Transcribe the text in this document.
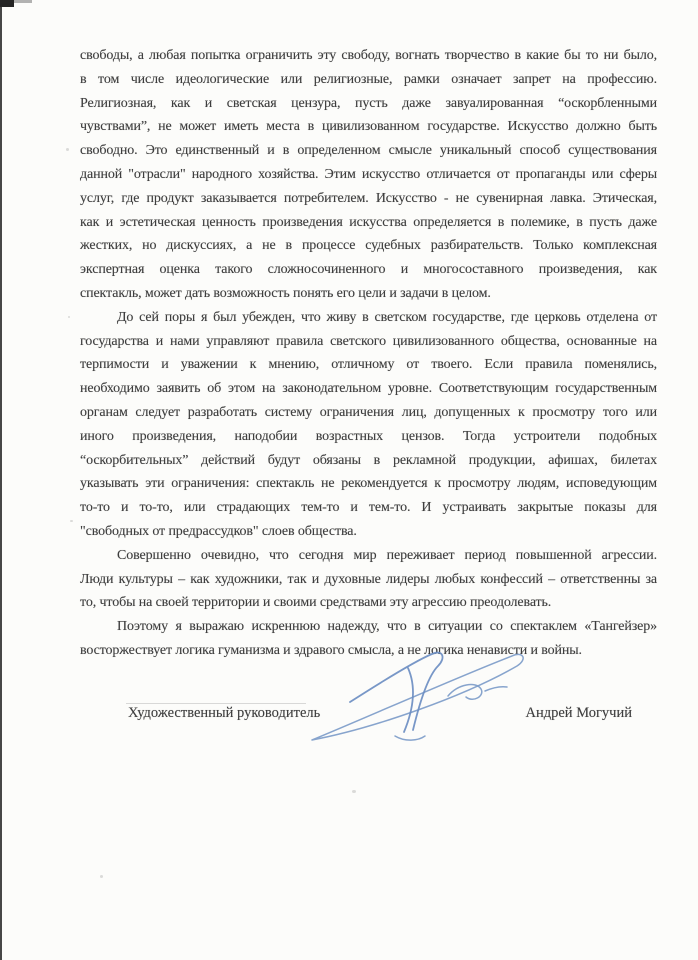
свободы, а любая попытка ограничить эту свободу, вогнать творчество в какие бы то ни было,
в том числе идеологические или религиозные, рамки означает запрет на профессию.
Религиозная, как и светская цензура, пусть даже завуалированная “оскорбленными
чувствами”, не может иметь места в цивилизованном государстве. Искусство должно быть
свободно. Это единственный и в определенном смысле уникальный способ существования
данной "отрасли" народного хозяйства. Этим искусство отличается от пропаганды или сферы
услуг, где продукт заказывается потребителем. Искусство - не сувенирная лавка. Этическая,
как и эстетическая ценность произведения искусства определяется в полемике, в пусть даже
жестких, но дискуссиях, а не в процессе судебных разбирательств. Только комплексная
экспертная оценка такого сложносочиненного и многосоставного произведения, как
спектакль, может дать возможность понять его цели и задачи в целом.
До сей поры я был убежден, что живу в светском государстве, где церковь отделена от
государства и нами управляют правила светского цивилизованного общества, основанные на
терпимости и уважении к мнению, отличному от твоего. Если правила поменялись,
необходимо заявить об этом на законодательном уровне. Соответствующим государственным
органам следует разработать систему ограничения лиц, допущенных к просмотру того или
иного произведения, наподобии возрастных цензов. Тогда устроители подобных
“оскорбительных” действий будут обязаны в рекламной продукции, афишах, билетах
указывать эти ограничения: спектакль не рекомендуется к просмотру людям, исповедующим
то-то и то-то, или страдающих тем-то и тем-то. И устраивать закрытые показы для
"свободных от предрассудков" слоев общества.
Совершенно очевидно, что сегодня мир переживает период повышенной агрессии.
Люди культуры – как художники, так и духовные лидеры любых конфессий – ответственны за
то, чтобы на своей территории и своими средствами эту агрессию преодолевать.
Поэтому я выражаю искреннюю надежду, что в ситуации со спектаклем «Тангейзер»
восторжествует логика гуманизма и здравого смысла, а не логика ненависти и войны.
Художественный руководитель	Андрей Могучий
